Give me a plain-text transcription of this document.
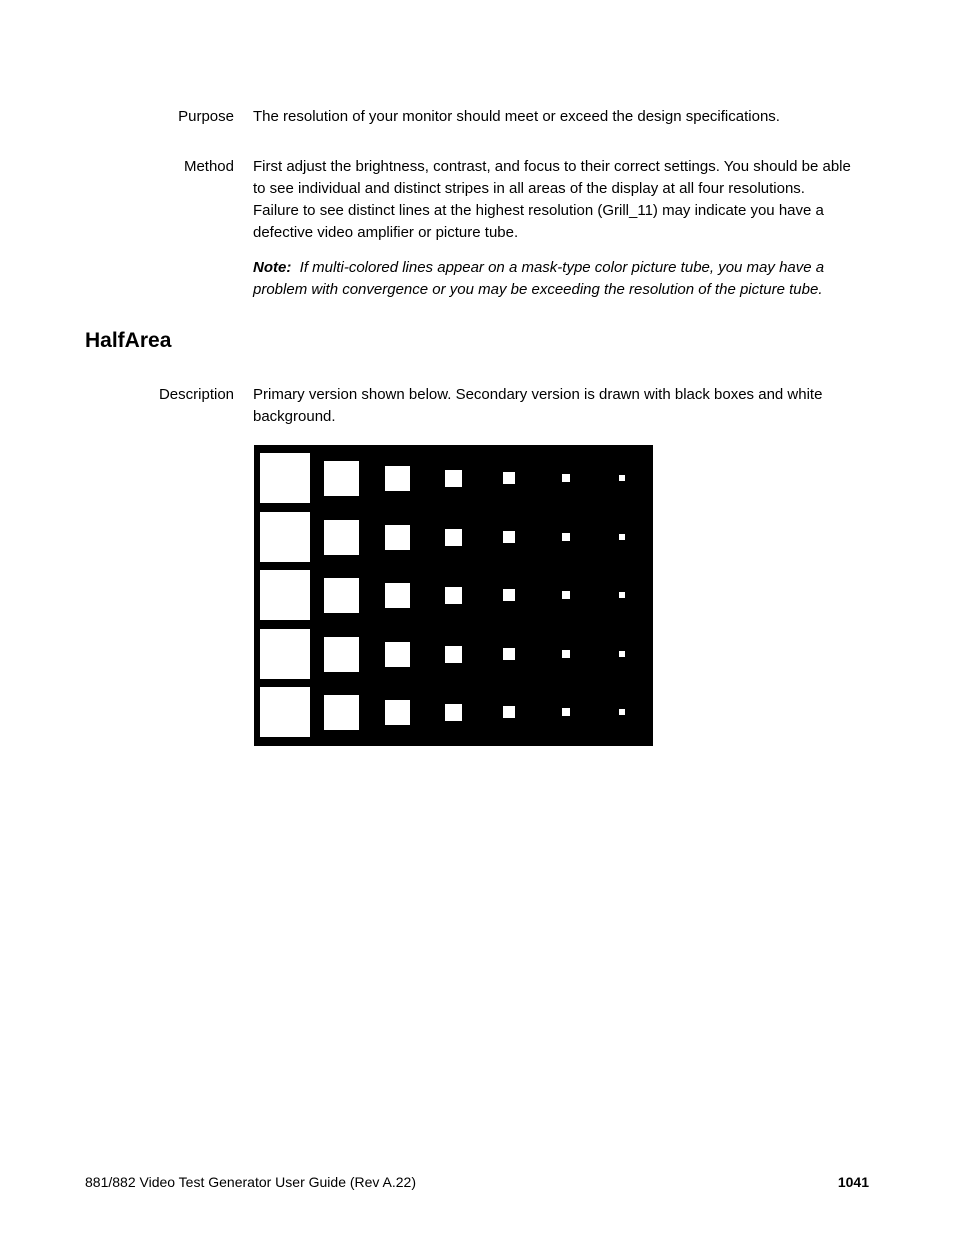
Purpose The resolution of your monitor should meet or exceed the design specifications.
Method First adjust the brightness, contrast, and focus to their correct settings. You should be able
to see individual and distinct stripes in all areas of the display at all four resolutions.
Failure to see distinct lines at the highest resolution (Grill_11) may indicate you have a
defective video amplifier or picture tube.
Note: If multi-colored lines appear on a mask-type color picture tube, you may have a problem with convergence or you may be exceeding the resolution of the picture tube.
HalfArea
Description Primary version shown below. Secondary version is drawn with black boxes and white background.
881/882 Video Test Generator User Guide (Rev A.22)	1041
